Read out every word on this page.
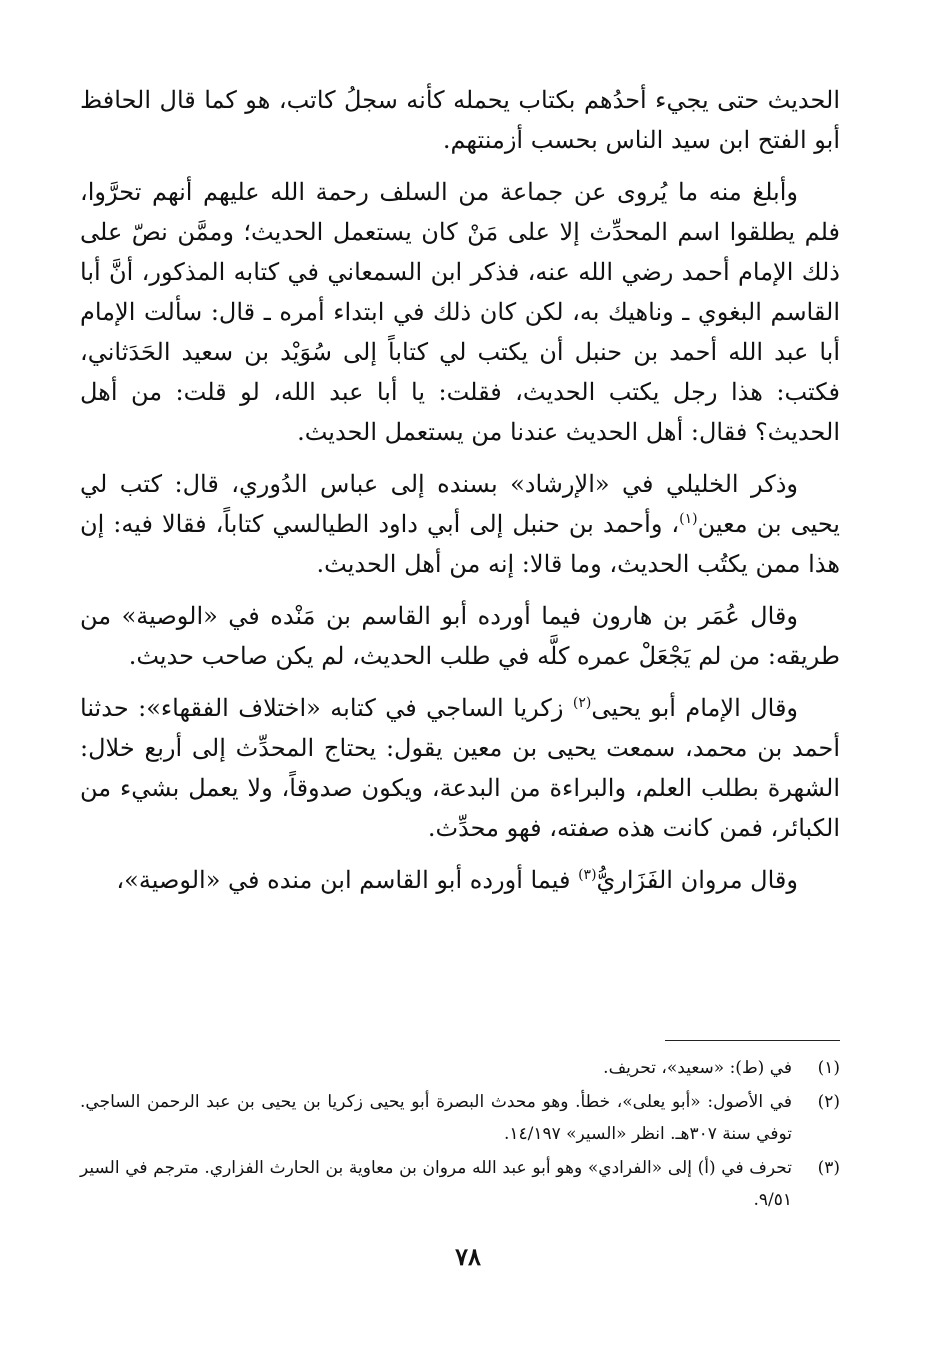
الحديث حتى يجيء أحدُهم بكتاب يحمله كأنه سجلُ كاتب، هو كما قال الحافظ أبو الفتح ابن سيد الناس بحسب أزمنتهم.

وأبلغ منه ما يُروى عن جماعة من السلف رحمة الله عليهم أنهم تحرَّوا، فلم يطلقوا اسم المحدِّث إلا على مَنْ كان يستعمل الحديث؛ وممَّن نصّ على ذلك الإمام أحمد رضي الله عنه، فذكر ابن السمعاني في كتابه المذكور، أنَّ أبا القاسم البغوي ـ وناهيك به، لكن كان ذلك في ابتداء أمره ـ قال: سألت الإمام أبا عبد الله أحمد بن حنبل أن يكتب لي كتاباً إلى سُوَيْد بن سعيد الحَدَثاني، فكتب: هذا رجل يكتب الحديث، فقلت: يا أبا عبد الله، لو قلت: من أهل الحديث؟ فقال: أهل الحديث عندنا من يستعمل الحديث.

وذكر الخليلي في «الإرشاد» بسنده إلى عباس الدُوري، قال: كتب لي يحيى بن معين$^{(١)}$، وأحمد بن حنبل إلى أبي داود الطيالسي كتاباً، فقالا فيه: إن هذا ممن يكتُب الحديث، وما قالا: إنه من أهل الحديث.

وقال عُمَر بن هارون فيما أورده أبو القاسم بن مَنْده في «الوصية» من طريقه: من لم يَجْعَلْ عمره كلَّه في طلب الحديث، لم يكن صاحب حديث.

وقال الإمام أبو يحيى$^{(٢)}$ زكريا الساجي في كتابه «اختلاف الفقهاء»: حدثنا أحمد بن محمد، سمعت يحيى بن معين يقول: يحتاج المحدِّث إلى أربع خلال: الشهرة بطلب العلم، والبراءة من البدعة، ويكون صدوقاً، ولا يعمل بشيء من الكبائر، فمن كانت هذه صفته، فهو محدِّث.

وقال مروان الفَزَاريُّ$^{(٣)}$ فيما أورده أبو القاسم ابن منده في «الوصية»،

(١)
في (ط): «سعيد»، تحريف.
(٢)
في الأصول: «أبو يعلى»، خطأ. وهو محدث البصرة أبو يحيى زكريا بن يحيى بن عبد الرحمن الساجي. توفي سنة ٣٠٧هـ. انظر «السير» ١٤/١٩٧.
(٣)
تحرف في (أ) إلى «الفرادي» وهو أبو عبد الله مروان بن معاوية بن الحارث الفزاري. مترجم في السير ٩/٥١.
٧٨
